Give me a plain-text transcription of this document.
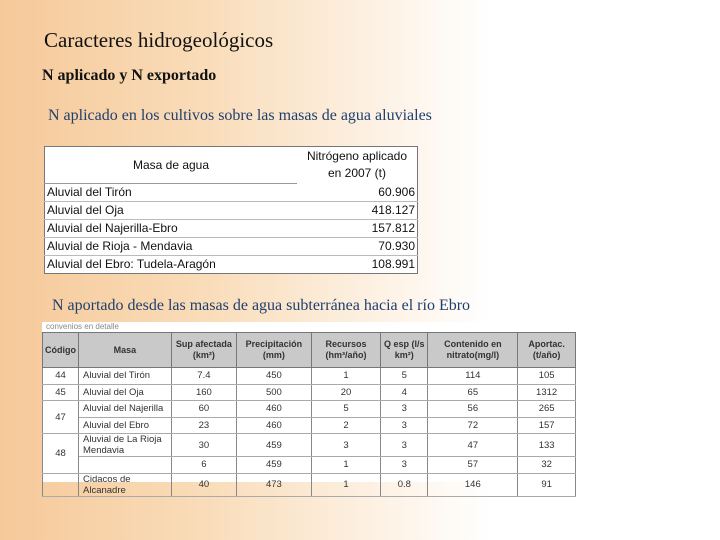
Caracteres hidrogeológicos
N aplicado y N exportado
N aplicado en los cultivos sobre las masas de agua aluviales
Masa de agua	Nitrógeno aplicado
en 2007 (t)
Aluvial del Tirón	60.906
Aluvial del Oja	418.127
Aluvial del Najerilla-Ebro	157.812
Aluvial de Rioja - Mendavia	70.930
Aluvial del Ebro: Tudela-Aragón	108.991
N aportado desde las masas de agua subterránea hacia el río Ebro
convenios en detalle
Código	Masa	Sup afectada (km²)	Precipitación (mm)	Recursos (hm³/año)	Q esp (l/s km²)	Contenido en nitrato(mg/l)	Aportac. (t/año)
44	Aluvial del Tirón	7.4	450	1	5	114	105
45	Aluvial del Oja	160	500	20	4	65	1312
47	Aluvial del Najerilla	60	460	5	3	56	265
	Aluvial del Ebro	23	460	2	3	72	157
48	Aluvial de La Rioja Mendavia	30	459	3	3	47	133
		6	459	1	3	57	32
	Cidacos de Alcanadre	40	473	1	0.8	146	91
